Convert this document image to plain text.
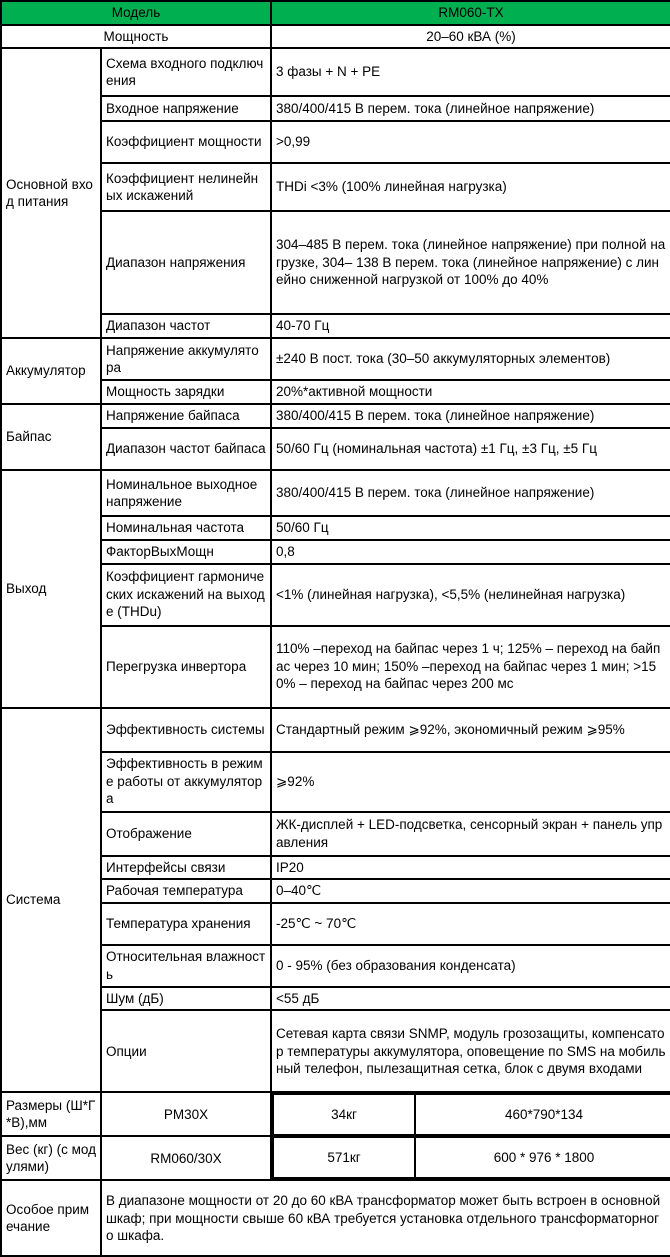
Модель	RM060-TX
Мощность	20–60 кВА (%)
Основной вход питания	Схема входного подключения	3 фазы + N + PE
Входное напряжение	380/400/415 В перем. тока (линейное напряжение)
Коэффициент мощности	>0,99
Коэффициент нелинейных искажений	THDi <3% (100% линейная нагрузка)
Диапазон напряжения	304–485 В перем. тока (линейное напряжение) при полной нагрузке, 304– 138 В перем. тока (линейное напряжение) с линейно сниженной нагрузкой от 100% до 40%
Диапазон частот	40-70 Гц
Аккумулятор	Напряжение аккумулятора	±240 В пост. тока (30–50 аккумуляторных элементов)
Мощность зарядки	20%*активной мощности
Байпас	Напряжение байпаса	380/400/415 В перем. тока (линейное напряжение)
Диапазон частот байпаса	50/60 Гц (номинальная частота) ±1 Гц, ±3 Гц, ±5 Гц
Выход	Номинальное выходное напряжение	380/400/415 В перем. тока (линейное напряжение)
Номинальная частота	50/60 Гц
ФакторВыхМощн	0,8
Коэффициент гармонических искажений на выходе (THDu)	<1% (линейная нагрузка), <5,5% (нелинейная нагрузка)
Перегрузка инвертора	110% –переход на байпас через 1 ч; 125% – переход на байпас через 10 мин; 150% –переход на байпас через 1 мин; >150% – переход на байпас через 200 мс
Система	Эффективность системы	Стандартный режим ⩾92%, экономичный режим ⩾95%
Эффективность в режиме работы от аккумулятора	⩾92%
Отображение	ЖК-дисплей + LED-подсветка, сенсорный экран + панель управления
Интерфейсы связи	IP20
Рабочая температура	0–40℃
Температура хранения	-25℃ ~ 70℃
Относительная влажность	0 - 95% (без образования конденсата)
Шум (дБ)	<55 дБ
Опции	Сетевая карта связи SNMP, модуль грозозащиты, компенсатор температуры аккумулятора, оповещение по SMS на мобильный телефон, пылезащитная сетка, блок с двумя входами
Размеры (Ш*Г*В),мм	PM30X		34кг	460*790*134

Вес (кг) (с модулями)	RM060/30X		571кг	600 * 976 * 1800

Особое примечание	В диапазоне мощности от 20 до 60 кВА трансформатор может быть встроен в основной шкаф; при мощности свыше 60 кВА требуется установка отдельного трансформаторного шкафа.
